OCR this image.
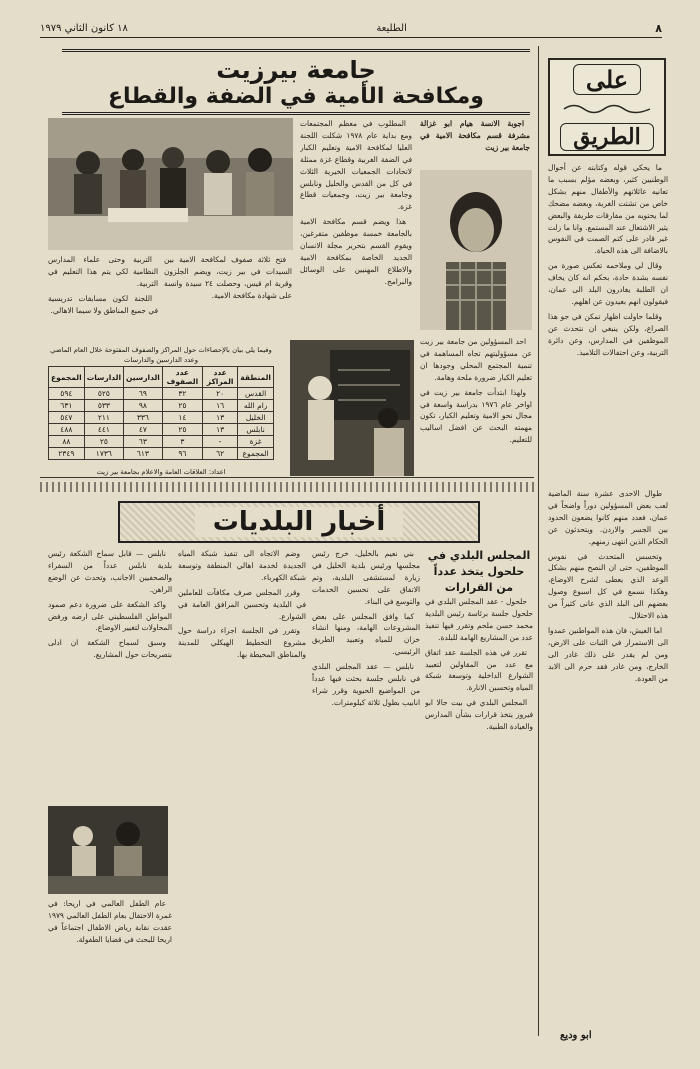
٨
الطليعة
١٨ كانون الثاني ١٩٧٩
على
الطريق

ما يحكي قوله وكتابته عن أحوال الوطنيين كثير، وبعضه مؤلم بسبب ما تعانيه عائلاتهم والأطفال منهم بشكل خاص من تشتت الغربة، وبعضه مضحك لما يحتويه من مفارقات طريفة والبعض يثير الاشتعال عند المستمع. وانا ما زلت غير قادر على كتم الصمت في النفوس بالاضافة الى هذه الحياة.

وقال لي وملاحمه تعكس صورة من نفسه بشدة حادة، بحكم انه كان يخاف ان الطلبة يغادرون البلد الى عمان، فيقولون انهم بعيدون عن اهلهم.

وقلما حاولت اظهار تمكن في جو هذا الصراع، ولكن ينبغي ان نتحدث عن الموظفين في المدارس، وعن دائرة التربية، وعن احتفالات التلاميذ.

طوال الاحدى عشرة سنة الماضية لعب بعض المسؤولين دوراً واضحاً في عمان، فعدد منهم كانوا يضعون الحدود بين الجسر والاردن. ويتحدثون عن الحكام الذين انتهى زمنهم.

وتحسس المتحدث في نفوس الموظفين، حتى ان النصح منهم بشكل الوعد الذي يعطى لشرح الاوضاع، وهكذا نسمع في كل اسبوع وصول بعضهم الى البلد الذي عانى كثيراً من هذه الاحتلال.

اما العيش، فان هذه المواطنين عمدوا الى الاستمرار في الثبات على الارض، ومن لم يقدر على ذلك غادر الى الخارج، ومن غادر فقد حرم الى الابد من العودة.

ابو وديع
جامعة بيرزيت
ومكافحة الأمية في الضفة والقطاع

التربية وحتى علماء المدارس النظامية لكي يتم هذا التعليم في التربية.

اللجنة لكون مسابقات تدريسية في جميع المناطق ولا سيما الاهالي.

فتح ثلاثة صفوف لمكافحة الامية بين السيدات في بير زيت، ويضم الجلزون وقرية ام قيس، وحصلت ٢٤ سيدة وانسة على شهادة مكافحة الامية.

المطلوب في معظم المجتمعات ومع بداية عام ١٩٧٨ شكلت اللجنة العليا لمكافحة الامية وتعليم الكبار في الضفة الغربية وقطاع غزة ممثلة لاتحادات الجمعيات الخيرية الثلاث في كل من القدس والخليل ونابلس وجامعة بير زيت، وجمعيات قطاع غزة.

هذا ويضم قسم مكافحة الامية بالجامعة خمسة موظفين متفرغين، ويقوم القسم بتحرير مجلة الانسان الجديد الخاصة بمكافحة الامية والاطلاع المهنيين على الوسائل والبرامج.

اجوبة الانسة هيام ابو غزالة مشرفة قسم مكافحة الامية في جامعة بير زيت

احد المسؤولين من جامعة بير زيت عن مسؤوليتهم تجاه المساهمة في تنمية المجتمع المحلي وجودها ان تعليم الكبار ضرورة ملحة وهامة.

ولهذا ابتدأت جامعة بير زيت في اواخر عام ١٩٧٦ بدراسة واسعة في مجال نحو الامية وتعليم الكبار، تكون مهمته البحث عن افضل اساليب للتعليم.

وفيما يلي بيان بالإحصاءات حول المراكز والصفوف المفتوحة خلال العام الماضي وعدد الدارسين والدارسات
المنطقة	عدد المراكز	عدد الصفوف	الدارسين	الدارسات	المجموع
القدس	٢٠	٣٢	٦٩	٥٢٥	٥٩٤
رام الله	١٦	٢٥	٩٨	٥٣٣	٦٣١
الخليل	١٣	١٤	٣٣٦	٢١١	٥٤٧
نابلس	١٣	٢٥	٤٧	٤٤١	٤٨٨
غزة	-	٣	٦٣	٢٥	٨٨
المجموع	٦٢	٩٦	٦١٣	١٧٣٦	٢٣٤٩
اعداد: العلاقات العامة والاعلام بجامعة بير زيت
أخبار البلديات
المجلس البلدي في حلحول يتخذ عدداً من القرارات

حلحول - عقد المجلس البلدي في حلحول جلسة برئاسة رئيس البلدية محمد حسن ملحم وتقرر فيها تنفيذ عدد من المشاريع الهامة للبلدة.

تقرر في هذه الجلسة عقد اتفاق مع عدد من المقاولين لتعبيد الشوارع الداخلية وتوسعة شبكة المياه وتحسين الانارة.

المجلس البلدي في بيت جالا ابو فيروز يتخذ قرارات بشأن المدارس والعيادة الطبية.

بني نعيم بالخليل، خرج رئيس مجلسها ورئيس بلدية الخليل في زيارة لمستشفى البلدية، وتم الاتفاق على تحسين الخدمات والتوسع في البناء.

كما وافق المجلس على بعض المشروعات الهامة، ومنها انشاء خزان للمياه وتعبيد الطريق الرئيسي.

نابلس — عقد المجلس البلدي في نابلس جلسة بحثت فيها عدداً من المواضيع الحيوية وقرر شراء انابيب بطول ثلاثة كيلومترات.

وضم الاتجاه الى تنفيذ شبكة المياه الجديدة لخدمة اهالي المنطقة وتوسعة شبكة الكهرباء.

وقرر المجلس صرف مكافآت للعاملين في البلدية وتحسين المرافق العامة في الشوارع.

وتقرر في الجلسة اجراء دراسة حول مشروع التخطيط الهيكلي للمدينة والمناطق المحيطة بها.

نابلس — قابل سماح الشكعة رئيس بلدية نابلس عدداً من السفراء والصحفيين الاجانب، وتحدث عن الوضع الراهن.

واكد الشكعة على ضرورة دعم صمود المواطن الفلسطيني على ارضه ورفض المحاولات لتغيير الاوضاع.

وسبق لسماح الشكعة ان ادلى بتصريحات حول المشاريع.

عام الطفل العالمي في اريحا: في غمرة الاحتفال بعام الطفل العالمي ١٩٧٩ عقدت نقابة رياض الاطفال اجتماعاً في اريحا للبحث في قضايا الطفولة.
